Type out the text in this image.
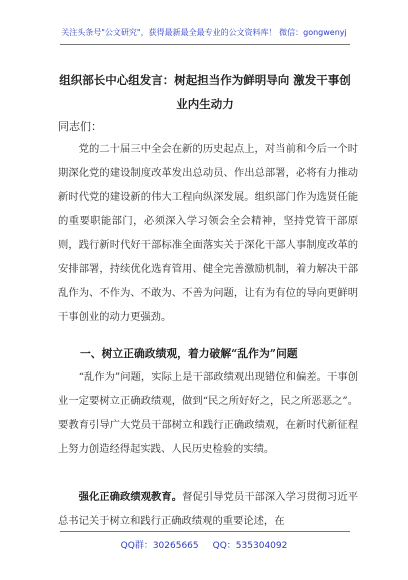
关注头条号"公文研究"，获得最新最全最专业的公文资料库！ 微信：gongwenyj
组织部长中心组发言：树起担当作为鲜明导向 激发干事创
业内生动力
同志们：

党的二十届三中全会在新的历史起点上，对当前和今后一个时期深化党的建设制度改革发出总动员、作出总部署，必将有力推动新时代党的建设新的伟大工程向纵深发展。组织部门作为选贤任能的重要职能部门，必须深入学习领会全会精神，坚持党管干部原则，践行新时代好干部标准全面落实关于深化干部人事制度改革的安排部署，持续优化选育管用、健全完善激励机制，着力解决干部乱作为、不作为、不敢为、不善为问题，让有为有位的导向更鲜明干事创业的动力更强劲。

一、树立正确政绩观，着力破解“乱作为”问题

“乱作为”问题，实际上是干部政绩观出现错位和偏差。干事创业一定要树立正确政绩观，做到“民之所好好之，民之所恶恶之”。要教育引导广大党员干部树立和践行正确政绩观，在新时代新征程上努力创造经得起实践、人民历史检验的实绩。

强化正确政绩观教育。督促引导党员干部深入学习贯彻习近平总书记关于树立和践行正确政绩观的重要论述，在

QQ群：30265665 QQ：535304092
